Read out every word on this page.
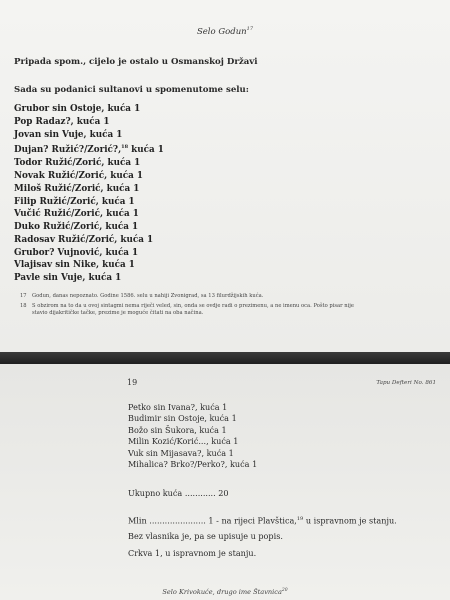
Selo Godun$^{17}$

Pripada spom., cijelo je ostalo u Osmanskoj Državi

Sada su podanici sultanovi u spomenutome selu:

Grubor sin Ostoje, kuća 1
Pop Radaz?, kuća 1
Jovan sin Vuje, kuća 1
Dujan? Ružić?/Zorić?,$^{18}$ kuća 1
Todor Ružić/Zorić, kuća 1
Novak Ružić/Zorić, kuća 1
Miloš Ružić/Zorić, kuća 1
Filip Ružić/Zorić, kuća 1
Vučić Ružić/Zorić, kuća 1
Duko Ružić/Zorić, kuća 1
Radosav Ružić/Zorić, kuća 1
Grubor? Vujnović, kuća 1
Vlajisav sin Nike, kuća 1
Pavle sin Vuje, kuća 1
17	Godun, danas nepoznato. Godine 1586. selu u nahiji Zvonigrad, sa 13 filurdžijskih kuća.
18	S obzirom na to da u ovoj sintagmi nema riječi veled, sin, onda se ovdje radi o prezimenu, a ne imenu oca. Pošto pisar nije stavio dijakritičke tačke, prezime je moguće čitati na oba načina.
19	Tapu Defteri No. 861
Petko sin Ivana?, kuća 1
Budimir sin Ostoje, kuća 1
Božo sin Šukora, kuća 1
Milin Kozić/Korić..., kuća 1
Vuk sin Mijasava?, kuća 1
Mihalica? Brko?/Perko?, kuća 1
Ukupno kuća ............ 20
Mlin ...................... 1 - na rijeci Plavštica,$^{19}$ u ispravnom je stanju.
Bez vlasnika je, pa se upisuje u popis.
Crkva 1, u ispravnom je stanju.
Selo Krivokuće, drugo ime Štavnica$^{20}$
